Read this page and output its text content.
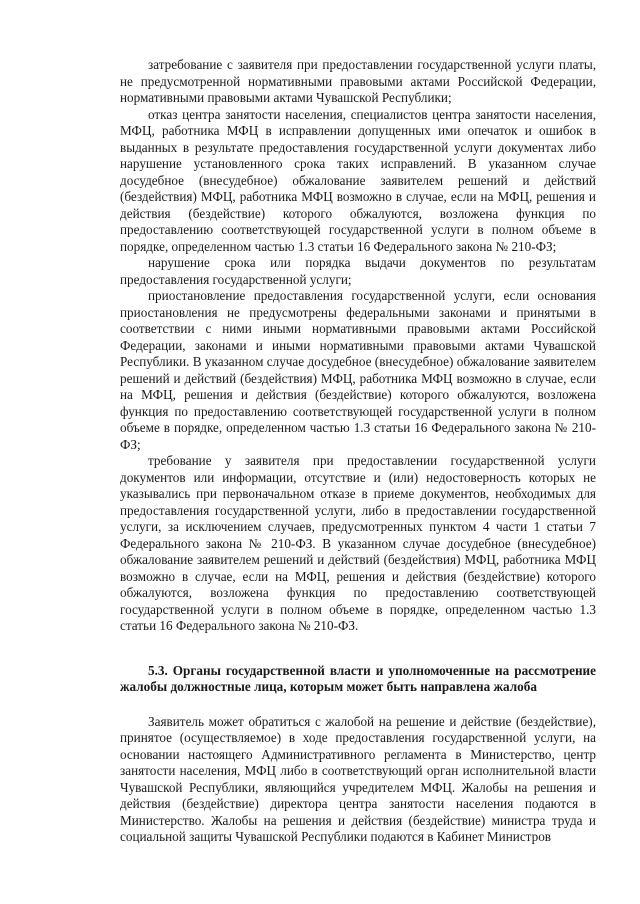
затребование с заявителя при предоставлении государственной услуги платы, не предусмотренной нормативными правовыми актами Российской Федерации, нормативными правовыми актами Чувашской Республики;

отказ центра занятости населения, специалистов центра занятости населения, МФЦ, работника МФЦ в исправлении допущенных ими опечаток и ошибок в выданных в результате предоставления государственной услуги документах либо нарушение установленного срока таких исправлений. В указанном случае досудебное (внесудебное) обжалование заявителем решений и действий (бездействия) МФЦ, работника МФЦ возможно в случае, если на МФЦ, решения и действия (бездействие) которого обжалуются, возложена функция по предоставлению соответствующей государственной услуги в полном объеме в порядке, определенном частью 1.3 статьи 16 Федерального закона № 210-ФЗ;

нарушение срока или порядка выдачи документов по результатам предоставления государственной услуги;

приостановление предоставления государственной услуги, если основания приостановления не предусмотрены федеральными законами и принятыми в соответствии с ними иными нормативными правовыми актами Российской Федерации, законами и иными нормативными правовыми актами Чувашской Республики. В указанном случае досудебное (внесудебное) обжалование заявителем решений и действий (бездействия) МФЦ, работника МФЦ возможно в случае, если на МФЦ, решения и действия (бездействие) которого обжалуются, возложена функция по предоставлению соответствующей государственной услуги в полном объеме в порядке, определенном частью 1.3 статьи 16 Федерального закона № 210-ФЗ;

требование у заявителя при предоставлении государственной услуги документов или информации, отсутствие и (или) недостоверность которых не указывались при первоначальном отказе в приеме документов, необходимых для предоставления государственной услуги, либо в предоставлении государственной услуги, за исключением случаев, предусмотренных пунктом 4 части 1 статьи 7 Федерального закона № 210-ФЗ. В указанном случае досудебное (внесудебное) обжалование заявителем решений и действий (бездействия) МФЦ, работника МФЦ возможно в случае, если на МФЦ, решения и действия (бездействие) которого обжалуются, возложена функция по предоставлению соответствующей государственной услуги в полном объеме в порядке, определенном частью 1.3 статьи 16 Федерального закона № 210-ФЗ.

5.3. Органы государственной власти и уполномоченные на рассмотрение жалобы должностные лица, которым может быть направлена жалоба

Заявитель может обратиться с жалобой на решение и действие (бездействие), принятое (осуществляемое) в ходе предоставления государственной услуги, на основании настоящего Административного регламента в Министерство, центр занятости населения, МФЦ либо в соответствующий орган исполнительной власти Чувашской Республики, являющийся учредителем МФЦ. Жалобы на решения и действия (бездействие) директора центра занятости населения подаются в Министерство. Жалобы на решения и действия (бездействие) министра труда и социальной защиты Чувашской Республики подаются в Кабинет Министров
